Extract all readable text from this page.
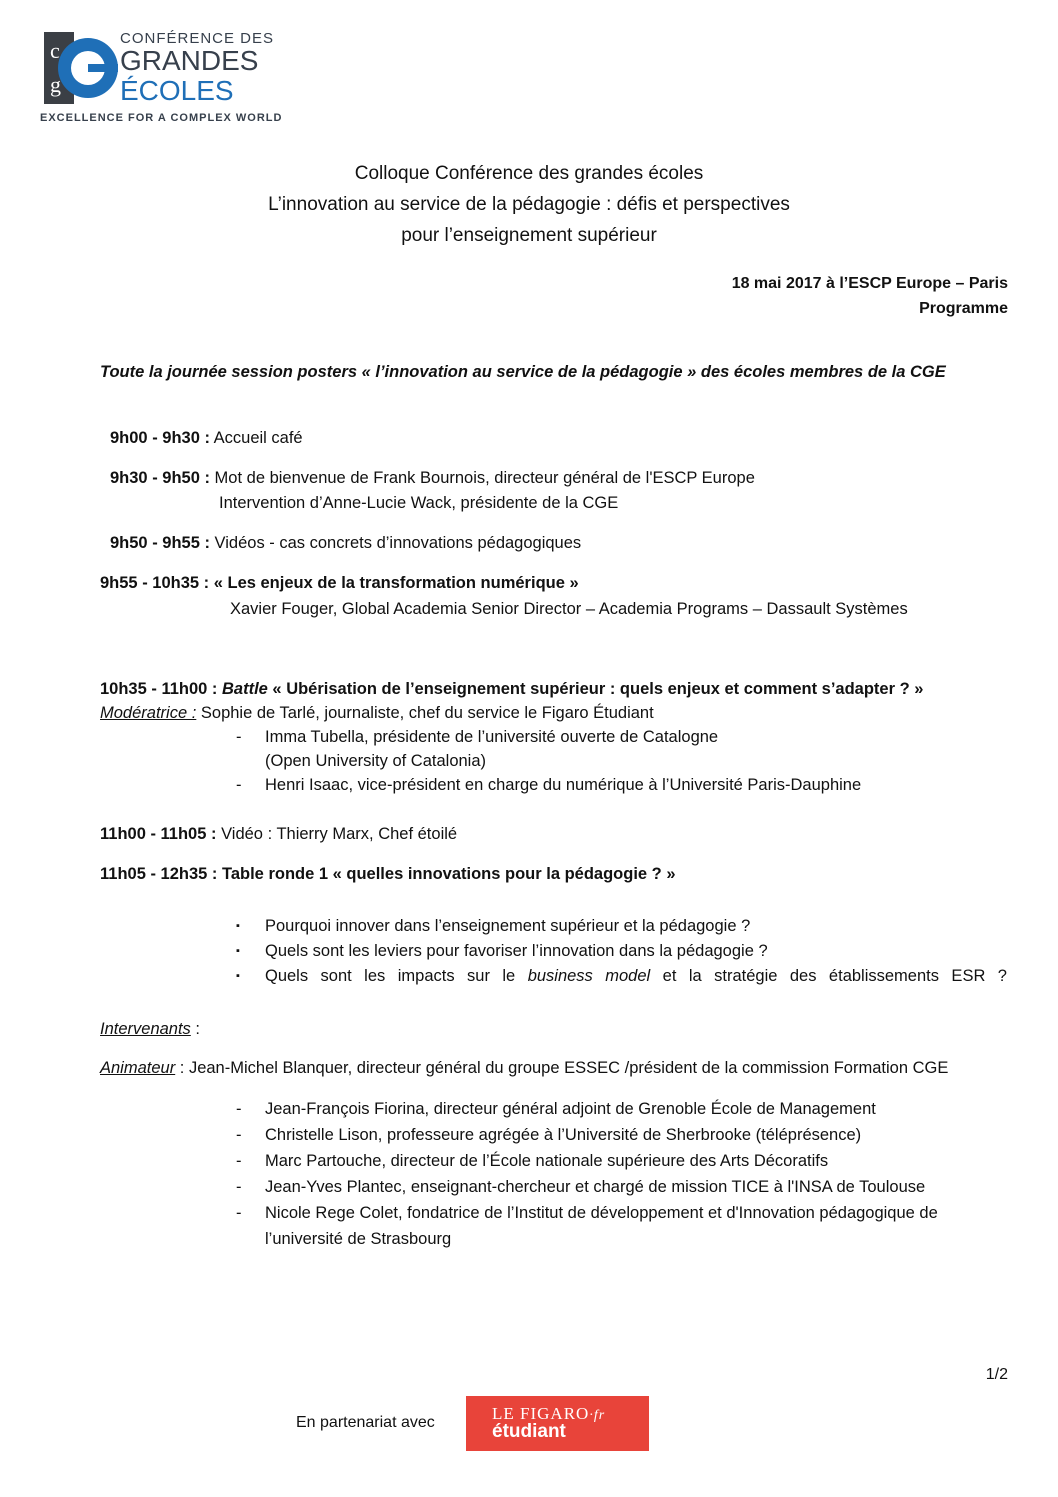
c
g
CONFÉRENCE DES
GRANDES
ÉCOLES
EXCELLENCE FOR A COMPLEX WORLD
Colloque Conférence des grandes écoles
L’innovation au service de la pédagogie : défis et perspectives
pour l’enseignement supérieur
18 mai 2017 à l’ESCP Europe – Paris
Programme
Toute la journée session posters « l’innovation au service de la pédagogie » des écoles membres de la CGE
9h00 - 9h30 : Accueil café
9h30 - 9h50 : Mot de bienvenue de Frank Bournois, directeur général de l'ESCP Europe
Intervention d’Anne-Lucie Wack, présidente de la CGE
9h50 - 9h55 : Vidéos - cas concrets d’innovations pédagogiques
9h55 - 10h35 : « Les enjeux de la transformation numérique »
Xavier Fouger, Global Academia Senior Director – Academia Programs – Dassault Systèmes
10h35 - 11h00 : Battle « Ubérisation de l’enseignement supérieur : quels enjeux et comment s’adapter ? »
Modératrice : Sophie de Tarlé, journaliste, chef du service le Figaro Étudiant
- Imma Tubella, présidente de l’université ouverte de Catalogne
(Open University of Catalonia)
- Henri Isaac, vice-président en charge du numérique à l’Université Paris-Dauphine
11h00 - 11h05 : Vidéo : Thierry Marx, Chef étoilé
11h05 - 12h35 : Table ronde 1 « quelles innovations pour la pédagogie ? »
▪ Pourquoi innover dans l’enseignement supérieur et la pédagogie ?
▪ Quels sont les leviers pour favoriser l’innovation dans la pédagogie ?
▪ Quels sont les impacts sur le business model et la stratégie des établissements ESR ?
Intervenants :
Animateur : Jean-Michel Blanquer, directeur général du groupe ESSEC /président de la commission Formation CGE
- Jean-François Fiorina, directeur général adjoint de Grenoble École de Management
- Christelle Lison, professeure agrégée à l’Université de Sherbrooke (téléprésence)
- Marc Partouche, directeur de l’École nationale supérieure des Arts Décoratifs
- Jean-Yves Plantec, enseignant-chercheur et chargé de mission TICE à l'INSA de Toulouse
- Nicole Rege Colet, fondatrice de l’Institut de développement et d'Innovation pédagogique de
l’université de Strasbourg
1/2
En partenariat avec	LE FIGARO·fr
étudiant
